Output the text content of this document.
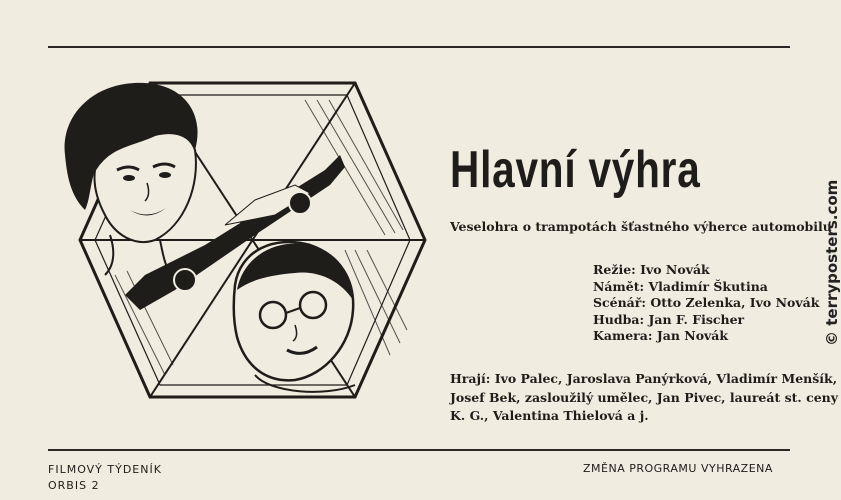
Hlavní výhra
Veselohra o trampotách šťastného výherce automobilu
Režie: Ivo Novák
Námět: Vladimír Škutina
Scénář: Otto Zelenka, Ivo Novák
Hudba: Jan F. Fischer
Kamera: Jan Novák
Hrají: Ivo Palec, Jaroslava Panýrková, Vladimír Menšík,
Josef Bek, zasloužilý umělec, Jan Pivec, laureát st. ceny
K. G., Valentina Thielová a j.
FILMOVÝ TÝDENÍK
ORBIS 2
ZMĚNA PROGRAMU VYHRAZENA
© terryposters.com
